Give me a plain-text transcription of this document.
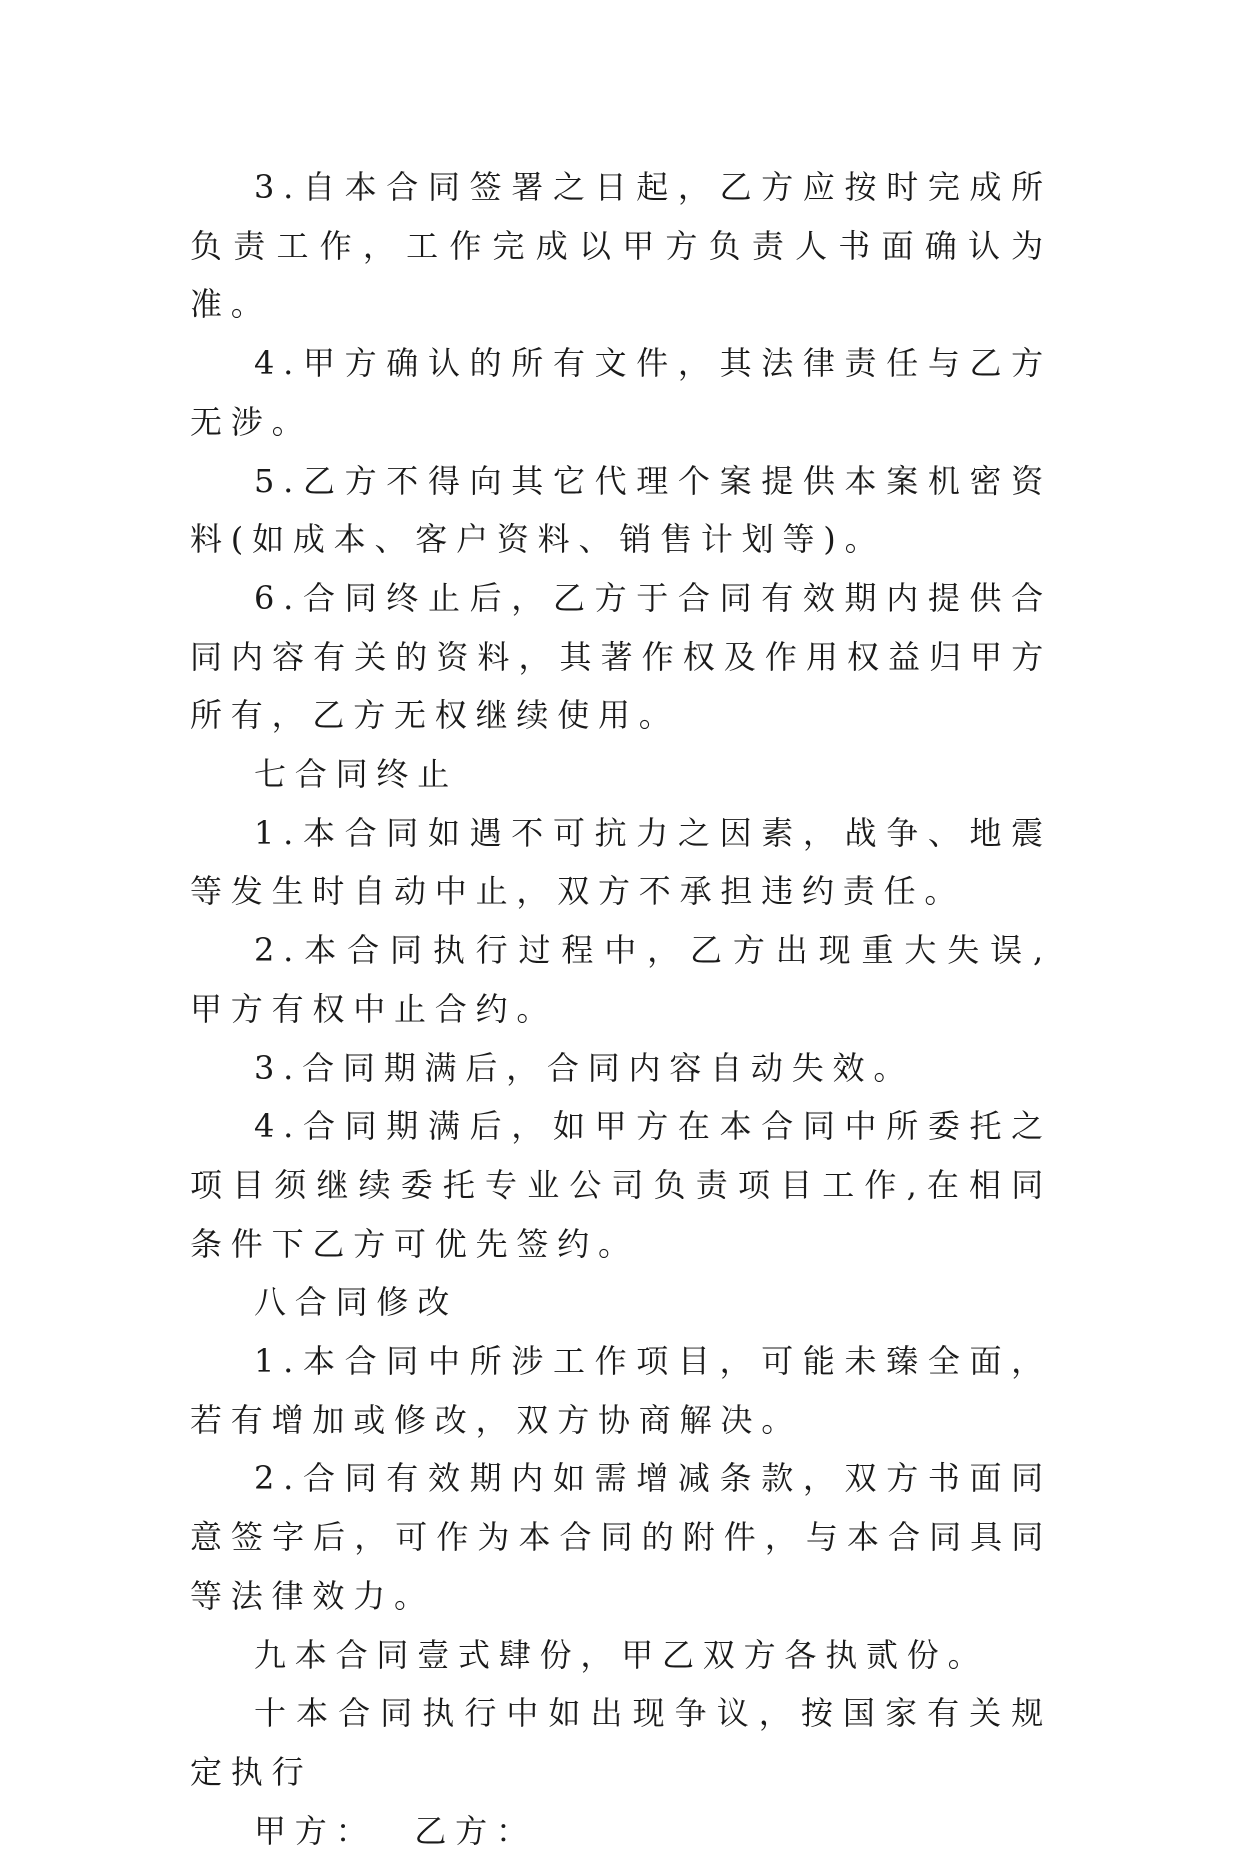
3.自本合同签署之日起，乙方应按时完成所负责工作，工作完成以甲方负责人书面确认为准。

4.甲方确认的所有文件，其法律责任与乙方无涉。

5.乙方不得向其它代理个案提供本案机密资料(如成本、客户资料、销售计划等)。

6.合同终止后，乙方于合同有效期内提供合同内容有关的资料，其著作权及作用权益归甲方所有，乙方无权继续使用。

七合同终止

1.本合同如遇不可抗力之因素，战争、地震等发生时自动中止，双方不承担违约责任。

2.本合同执行过程中，乙方出现重大失误,甲方有权中止合约。

3.合同期满后，合同内容自动失效。

4.合同期满后，如甲方在本合同中所委托之项目须继续委托专业公司负责项目工作,在相同条件下乙方可优先签约。

八合同修改

1.本合同中所涉工作项目，可能未臻全面，若有增加或修改，双方协商解决。

2.合同有效期内如需增减条款，双方书面同意签字后，可作为本合同的附件，与本合同具同等法律效力。

九本合同壹式肆份，甲乙双方各执贰份。

十本合同执行中如出现争议，按国家有关规定执行

甲方：  乙方：
